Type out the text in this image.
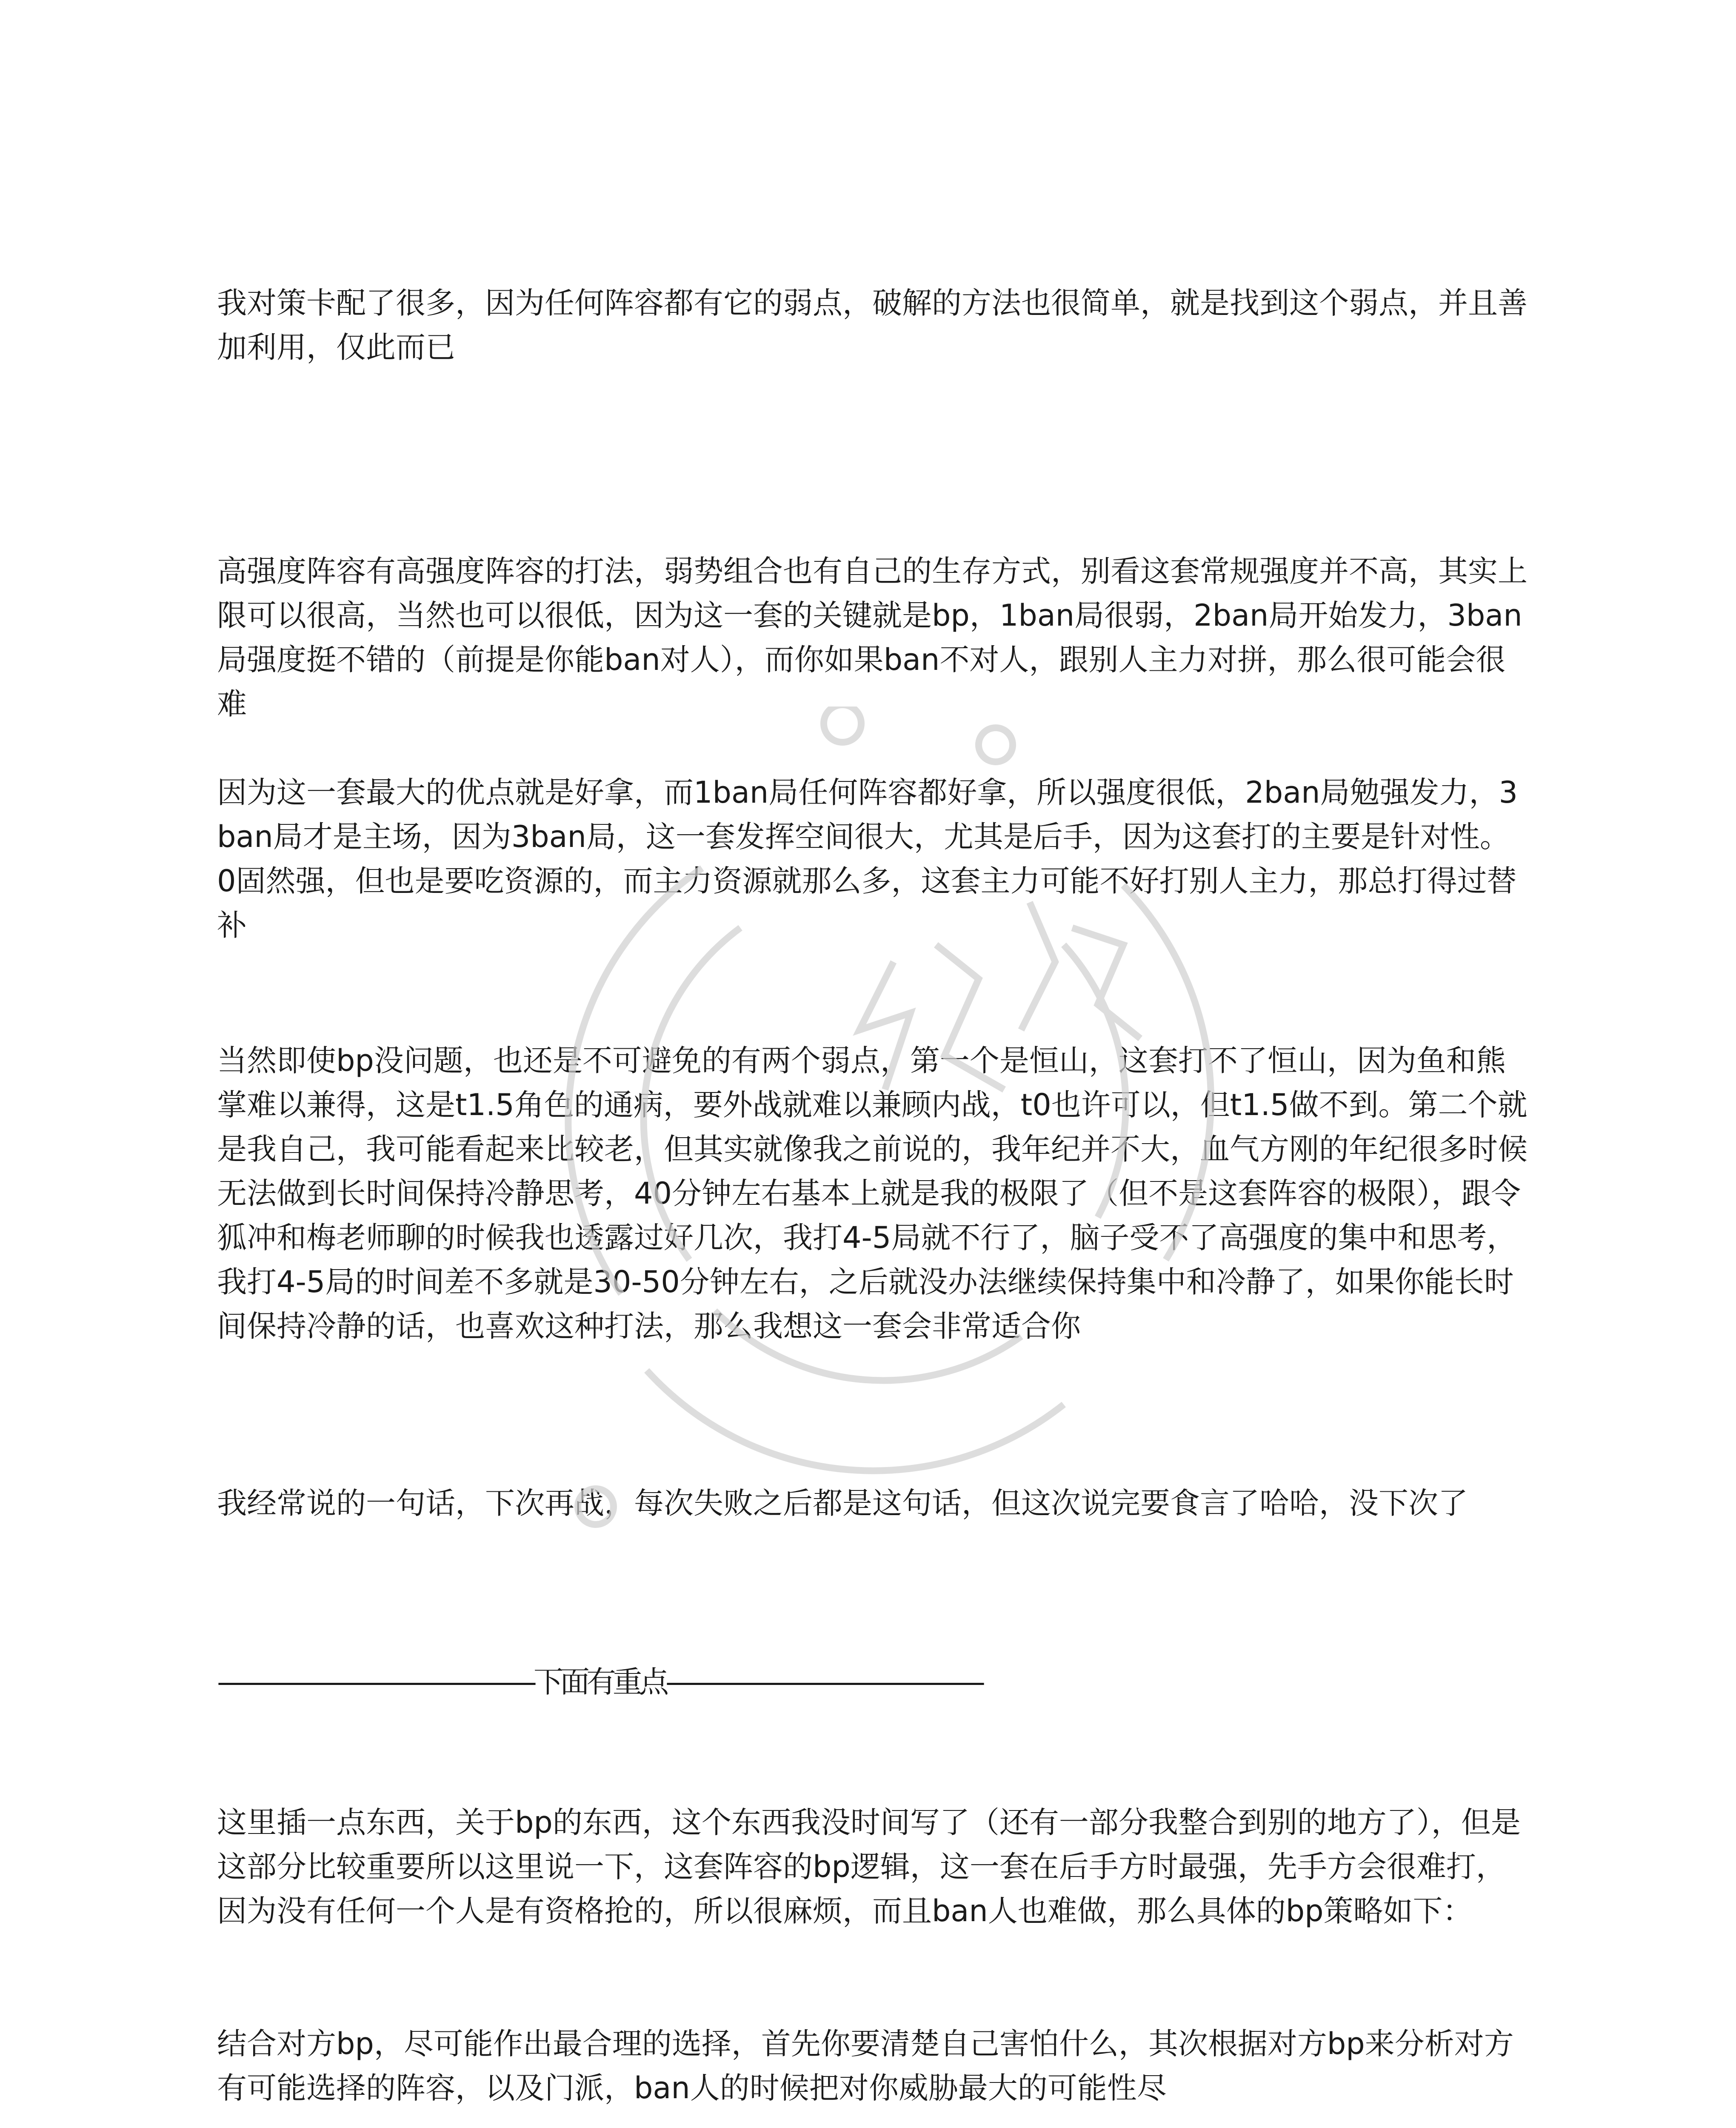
我对策卡配了很多，因为任何阵容都有它的弱点，破解的方法也很简单，就是找到这个弱点，并且善加利用，仅此而已

高强度阵容有高强度阵容的打法，弱势组合也有自己的生存方式，别看这套常规强度并不高，其实上限可以很高，当然也可以很低，因为这一套的关键就是bp，1ban局很弱，2ban局开始发力，3ban局强度挺不错的（前提是你能ban对人），而你如果ban不对人，跟别人主力对拼，那么很可能会很难

因为这一套最大的优点就是好拿，而1ban局任何阵容都好拿，所以强度很低，2ban局勉强发力，3ban局才是主场，因为3ban局，这一套发挥空间很大，尤其是后手，因为这套打的主要是针对性。0固然强，但也是要吃资源的，而主力资源就那么多，这套主力可能不好打别人主力，那总打得过替补

当然即使bp没问题，也还是不可避免的有两个弱点，第一个是恒山，这套打不了恒山，因为鱼和熊掌难以兼得，这是t1.5角色的通病，要外战就难以兼顾内战，t0也许可以，但t1.5做不到。第二个就是我自己，我可能看起来比较老，但其实就像我之前说的，我年纪并不大，血气方刚的年纪很多时候无法做到长时间保持冷静思考，40分钟左右基本上就是我的极限了（但不是这套阵容的极限），跟令狐冲和梅老师聊的时候我也透露过好几次，我打4-5局就不行了，脑子受不了高强度的集中和思考，我打4-5局的时间差不多就是30-50分钟左右，之后就没办法继续保持集中和冷静了，如果你能长时间保持冷静的话，也喜欢这种打法，那么我想这一套会非常适合你

我经常说的一句话，下次再战，每次失败之后都是这句话，但这次说完要食言了哈哈，没下次了

————————————下面有重点————————————

这里插一点东西，关于bp的东西，这个东西我没时间写了（还有一部分我整合到别的地方了），但是这部分比较重要所以这里说一下，这套阵容的bp逻辑，这一套在后手方时最强，先手方会很难打，因为没有任何一个人是有资格抢的，所以很麻烦，而且ban人也难做，那么具体的bp策略如下：

结合对方bp，尽可能作出最合理的选择，首先你要清楚自己害怕什么，其次根据对方bp来分析对方有可能选择的阵容，以及门派，ban人的时候把对你威胁最大的可能性尽
